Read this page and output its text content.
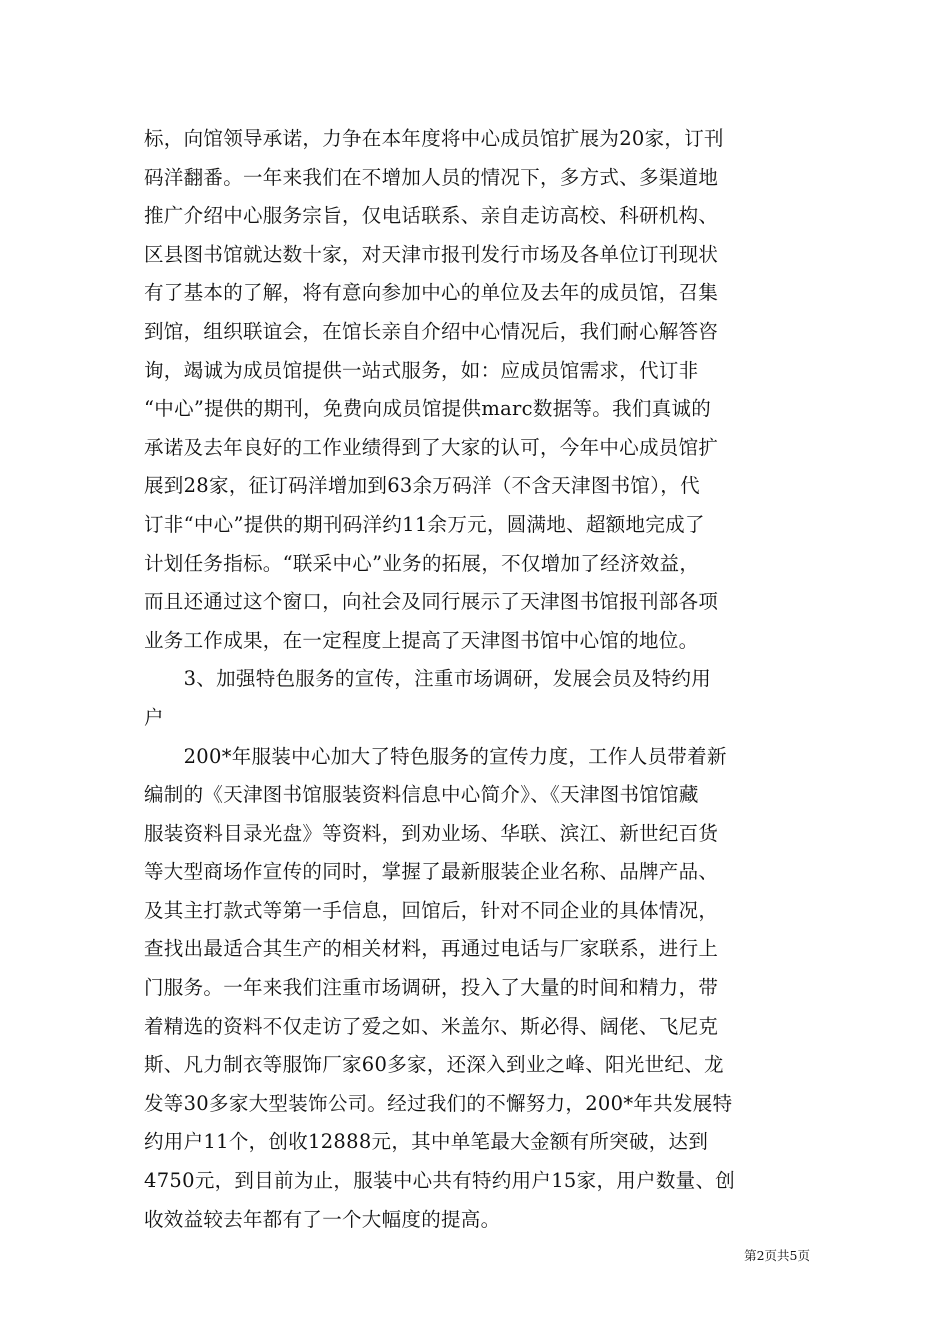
标，向馆领导承诺，力争在本年度将中心成员馆扩展为20家，订刊
码洋翻番。一年来我们在不增加人员的情况下，多方式、多渠道地
推广介绍中心服务宗旨，仅电话联系、亲自走访高校、科研机构、
区县图书馆就达数十家，对天津市报刊发行市场及各单位订刊现状
有了基本的了解，将有意向参加中心的单位及去年的成员馆，召集
到馆，组织联谊会，在馆长亲自介绍中心情况后，我们耐心解答咨
询，竭诚为成员馆提供一站式服务，如：应成员馆需求，代订非
“中心”提供的期刊，免费向成员馆提供marc数据等。我们真诚的
承诺及去年良好的工作业绩得到了大家的认可，今年中心成员馆扩
展到28家，征订码洋增加到63余万码洋（不含天津图书馆），代
订非“中心”提供的期刊码洋约11余万元，圆满地、超额地完成了
计划任务指标。“联采中心”业务的拓展，不仅增加了经济效益，
而且还通过这个窗口，向社会及同行展示了天津图书馆报刊部各项
业务工作成果，在一定程度上提高了天津图书馆中心馆的地位。
　　3、加强特色服务的宣传，注重市场调研，发展会员及特约用
户
　　200*年服装中心加大了特色服务的宣传力度，工作人员带着新
编制的《天津图书馆服装资料信息中心简介》、《天津图书馆馆藏
服装资料目录光盘》等资料，到劝业场、华联、滨江、新世纪百货
等大型商场作宣传的同时，掌握了最新服装企业名称、品牌产品、
及其主打款式等第一手信息，回馆后，针对不同企业的具体情况，
查找出最适合其生产的相关材料，再通过电话与厂家联系，进行上
门服务。一年来我们注重市场调研，投入了大量的时间和精力，带
着精选的资料不仅走访了爱之如、米盖尔、斯必得、阔佬、飞尼克
斯、凡力制衣等服饰厂家60多家，还深入到业之峰、阳光世纪、龙
发等30多家大型装饰公司。经过我们的不懈努力，200*年共发展特
约用户11个，创收12888元，其中单笔最大金额有所突破，达到
4750元，到目前为止，服装中心共有特约用户15家，用户数量、创
收效益较去年都有了一个大幅度的提高。
第2页共5页
